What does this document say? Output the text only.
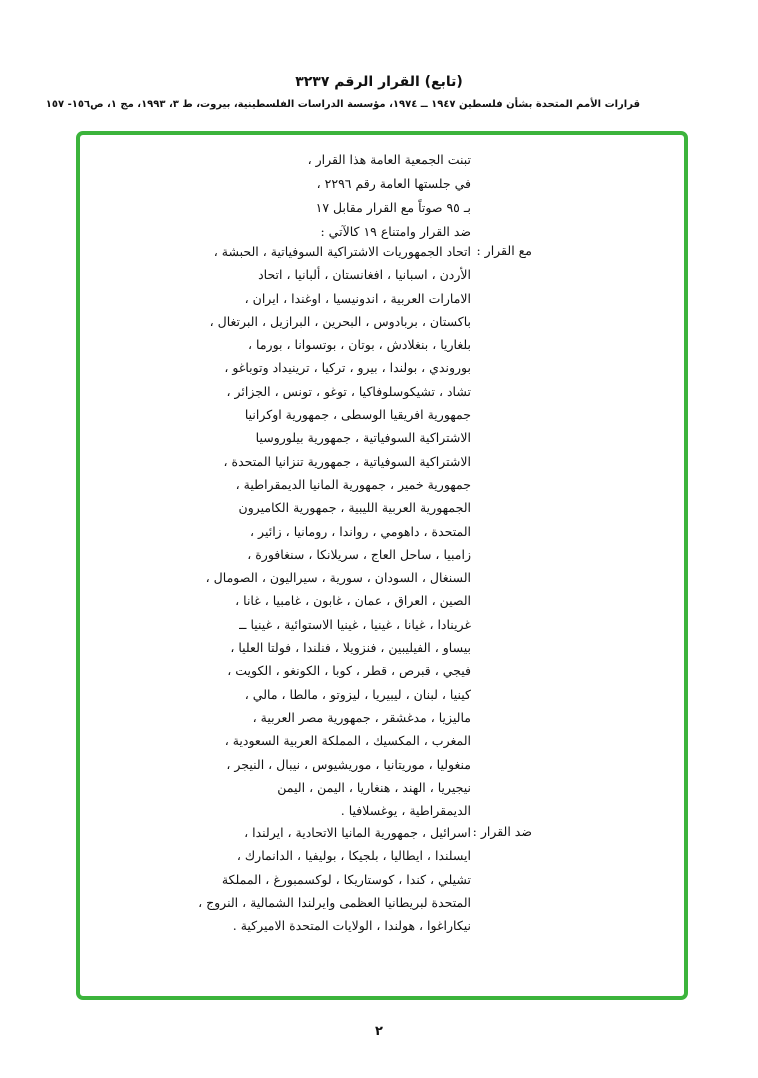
(تابع) القرار الرقم ٣٢٣٧
قرارات الأمم المتحدة بشأن فلسطين ١٩٤٧ ــ ١٩٧٤، مؤسسة الدراسات الفلسطينية، بيروت، ط ٣، ١٩٩٣، مج ١، ص١٥٦- ١٥٧
تبنت الجمعية العامة هذا القرار ،
في جلستها العامة رقم ٢٢٩٦ ،
بـ ٩٥ صوتاً مع القرار مقابل ١٧
ضد القرار وامتناع ١٩ كالآتي :
مع القرار :
اتحاد الجمهوريات الاشتراكية السوفياتية ، الحبشة ،
الأردن ، اسبانيا ، افغانستان ، ألبانيا ، اتحاد
الامارات العربية ، اندونيسيا ، اوغندا ، ايران ،
باكستان ، بربادوس ، البحرين ، البرازيل ، البرتغال ،
بلغاريا ، بنغلادش ، بوتان ، بوتسوانا ، بورما ،
بوروندي ، بولندا ، بيرو ، تركيا ، ترينيداد وتوباغو ،
تشاد ، تشيكوسلوفاكيا ، توغو ، تونس ، الجزائر ،
جمهورية افريقيا الوسطى ، جمهورية اوكرانيا
الاشتراكية السوفياتية ، جمهورية بيلوروسيا
الاشتراكية السوفياتية ، جمهورية تنزانيا المتحدة ،
جمهورية خمير ، جمهورية المانيا الديمقراطية ،
الجمهورية العربية الليبية ، جمهورية الكاميرون
المتحدة ، داهومي ، رواندا ، رومانيا ، زائير ،
زامبيا ، ساحل العاج ، سريلانكا ، سنغافورة ،
السنغال ، السودان ، سورية ، سيراليون ، الصومال ،
الصين ، العراق ، عمان ، غابون ، غامبيا ، غانا ،
غرينادا ، غيانا ، غينيا ، غينيا الاستوائية ، غينيا ــ
بيساو ، الفيليبين ، فنزويلا ، فنلندا ، فولتا العليا ،
فيجي ، قبرص ، قطر ، كوبا ، الكونغو ، الكويت ،
كينيا ، لبنان ، ليبيريا ، ليزوتو ، مالطا ، مالي ،
ماليزيا ، مدغشقر ، جمهورية مصر العربية ،
المغرب ، المكسيك ، المملكة العربية السعودية ،
منغوليا ، موريتانيا ، موريشيوس ، نيبال ، النيجر ،
نيجيريا ، الهند ، هنغاريا ، اليمن ، اليمن
الديمقراطية ، يوغسلافيا .
ضد القرار :
اسرائيل ، جمهورية المانيا الاتحادية ، ايرلندا ،
ايسلندا ، ايطاليا ، بلجيكا ، بوليفيا ، الدانمارك ،
تشيلي ، كندا ، كوستاريكا ، لوكسمبورغ ، المملكة
المتحدة لبريطانيا العظمى وايرلندا الشمالية ، النروج ،
نيكاراغوا ، هولندا ، الولايات المتحدة الاميركية .
٢
